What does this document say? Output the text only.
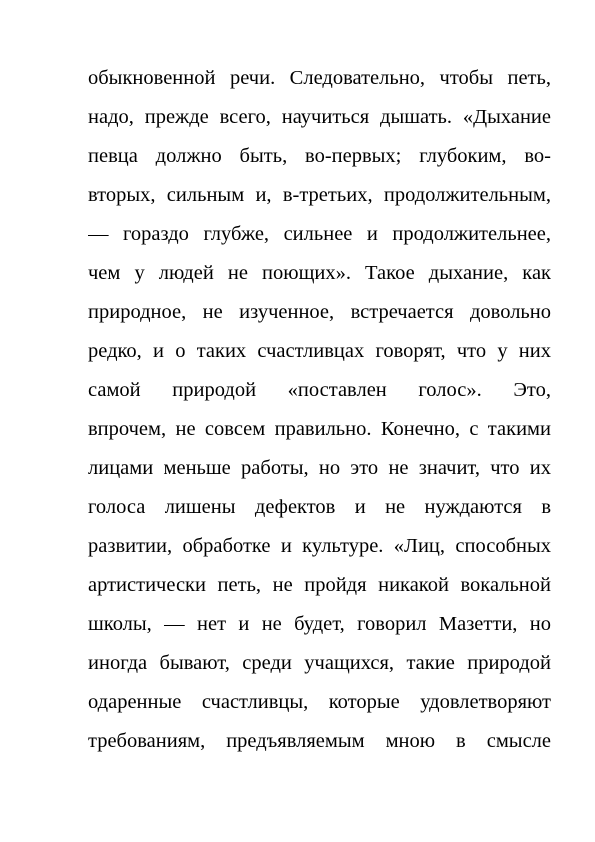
обыкновенной речи. Следовательно, чтобы петь,
надо, прежде всего, научиться дышать. «Дыхание
певца должно быть, во-первых; глубоким, во-
вторых, сильным и, в-третьих, продолжительным,
— гораздо глубже, сильнее и продолжительнее,
чем у людей не поющих». Такое дыхание, как
природное, не изученное, встречается довольно
редко, и о таких счастливцах говорят, что у них
самой природой «поставлен голос». Это,
впрочем, не совсем правильно. Конечно, с такими
лицами меньше работы, но это не значит, что их
голоса лишены дефектов и не нуждаются в
развитии, обработке и культуре. «Лиц, способных
артистически петь, не пройдя никакой вокальной
школы, — нет и не будет, говорил Мазетти, но
иногда бывают, среди учащихся, такие природой
одаренные счастливцы, которые удовлетворяют
требованиям, предъявляемым мною в смысле
